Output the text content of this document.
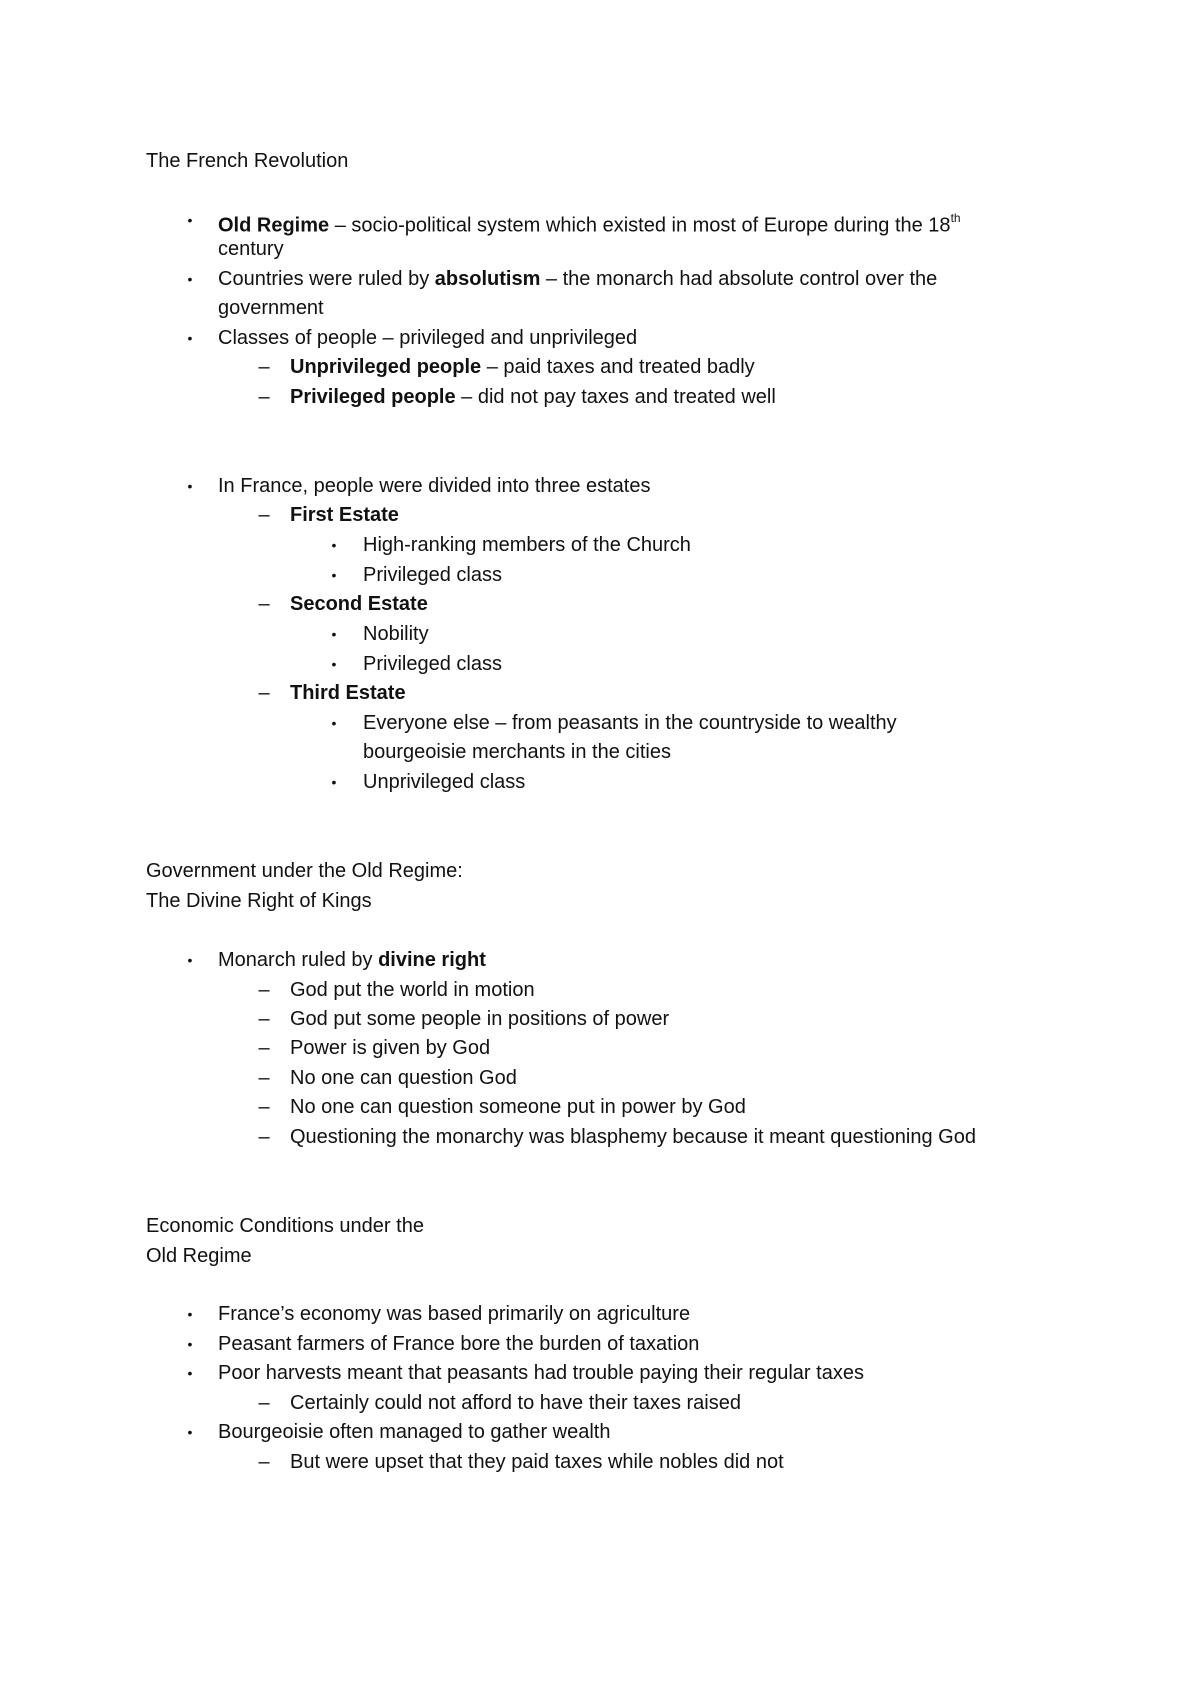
The French Revolution
• Old Regime – socio-political system which existed in most of Europe during the 18th
century
• Countries were ruled by absolutism – the monarch had absolute control over the
government
• Classes of people – privileged and unprivileged
– Unprivileged people – paid taxes and treated badly
– Privileged people – did not pay taxes and treated well
• In France, people were divided into three estates
– First Estate
• High-ranking members of the Church
• Privileged class
– Second Estate
• Nobility
• Privileged class
– Third Estate
• Everyone else – from peasants in the countryside to wealthy
bourgeoisie merchants in the cities
• Unprivileged class
Government under the Old Regime:
The Divine Right of Kings
• Monarch ruled by divine right
– God put the world in motion
– God put some people in positions of power
– Power is given by God
– No one can question God
– No one can question someone put in power by God
– Questioning the monarchy was blasphemy because it meant questioning God
Economic Conditions under the
Old Regime
• France’s economy was based primarily on agriculture
• Peasant farmers of France bore the burden of taxation
• Poor harvests meant that peasants had trouble paying their regular taxes
– Certainly could not afford to have their taxes raised
• Bourgeoisie often managed to gather wealth
– But were upset that they paid taxes while nobles did not
